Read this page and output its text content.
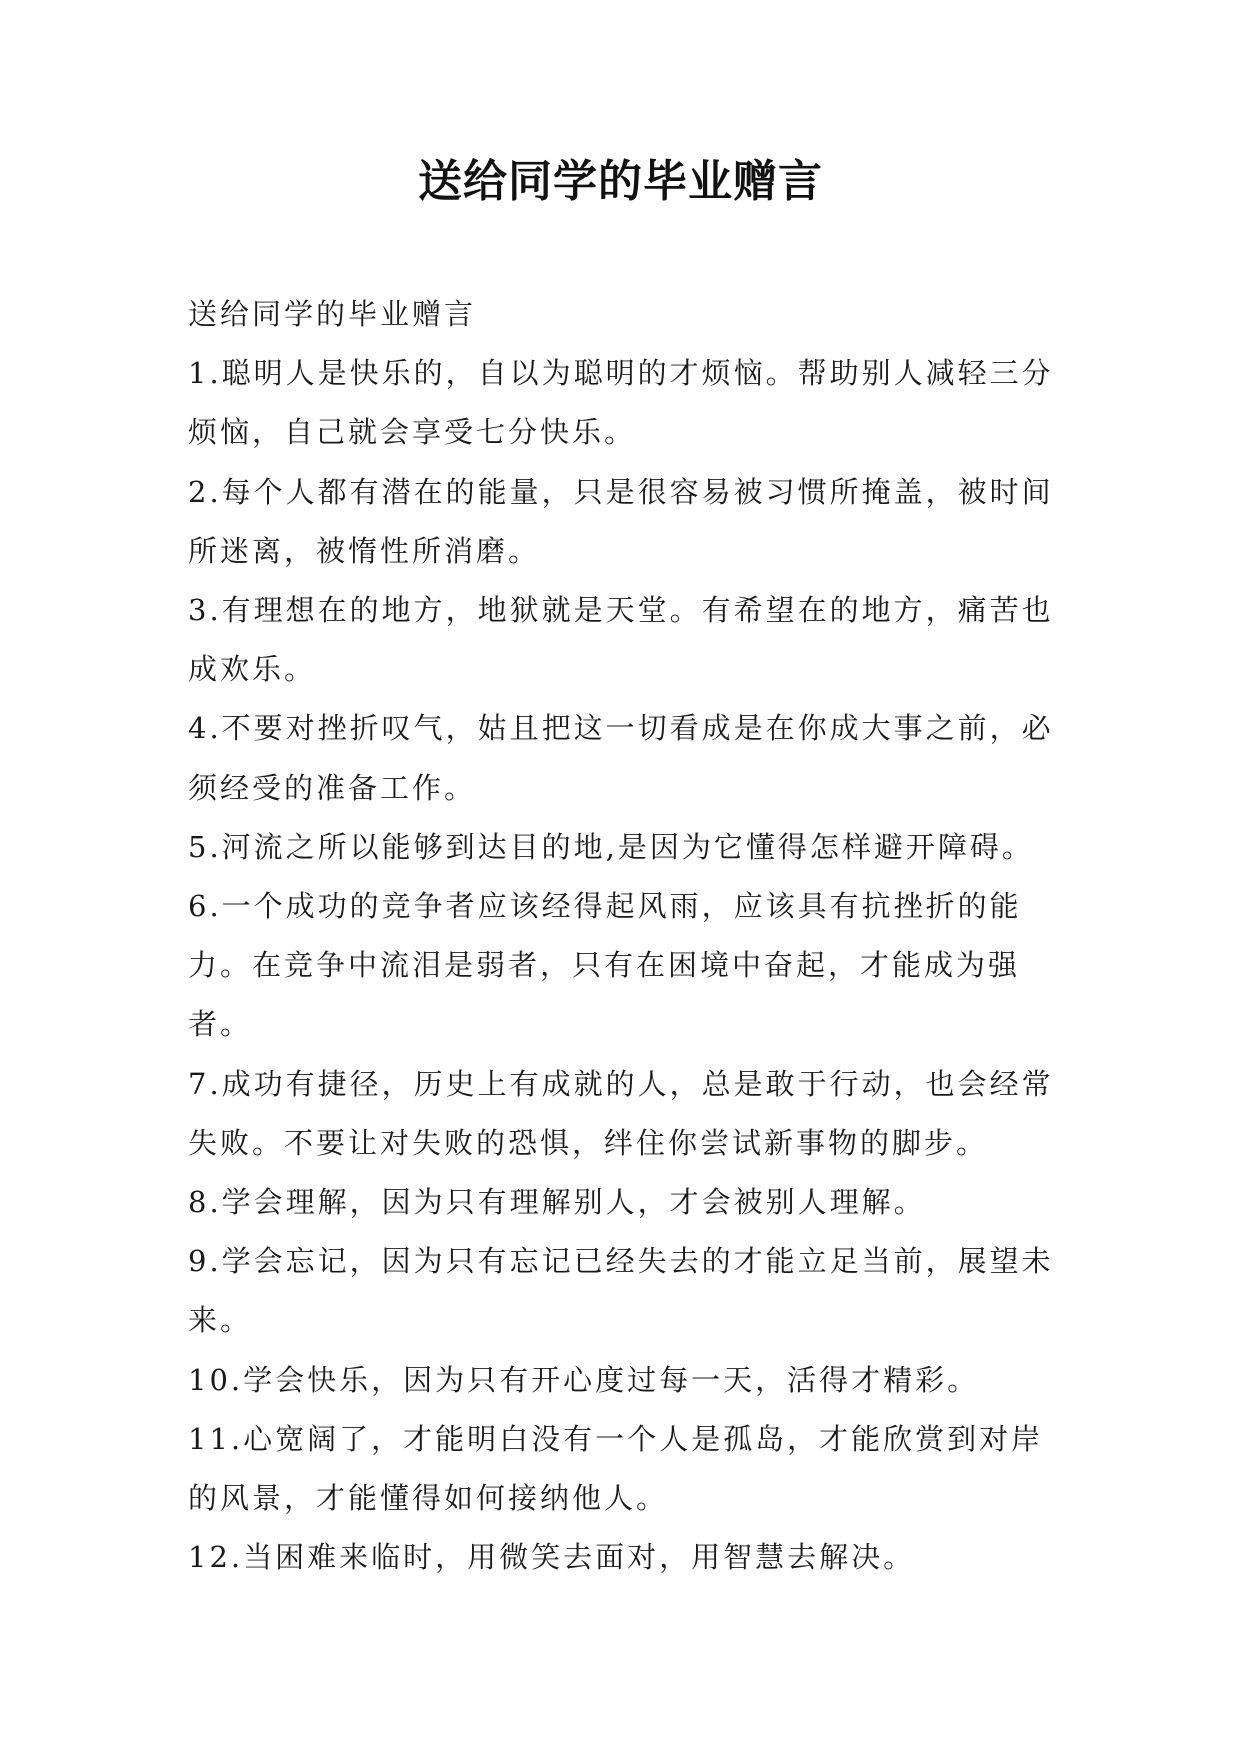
送给同学的毕业赠言

送给同学的毕业赠言

1.聪明人是快乐的，自以为聪明的才烦恼。帮助别人减轻三分烦恼，自己就会享受七分快乐。

2.每个人都有潜在的能量，只是很容易被习惯所掩盖，被时间所迷离，被惰性所消磨。

3.有理想在的地方，地狱就是天堂。有希望在的地方，痛苦也成欢乐。

4.不要对挫折叹气，姑且把这一切看成是在你成大事之前，必须经受的准备工作。

5.河流之所以能够到达目的地,是因为它懂得怎样避开障碍。

6.一个成功的竞争者应该经得起风雨，应该具有抗挫折的能力。在竞争中流泪是弱者，只有在困境中奋起，才能成为强者。

7.成功有捷径，历史上有成就的人，总是敢于行动，也会经常失败。不要让对失败的恐惧，绊住你尝试新事物的脚步。

8.学会理解，因为只有理解别人，才会被别人理解。

9.学会忘记，因为只有忘记已经失去的才能立足当前，展望未来。

10.学会快乐，因为只有开心度过每一天，活得才精彩。

11.心宽阔了，才能明白没有一个人是孤岛，才能欣赏到对岸的风景，才能懂得如何接纳他人。

12.当困难来临时，用微笑去面对，用智慧去解决。
